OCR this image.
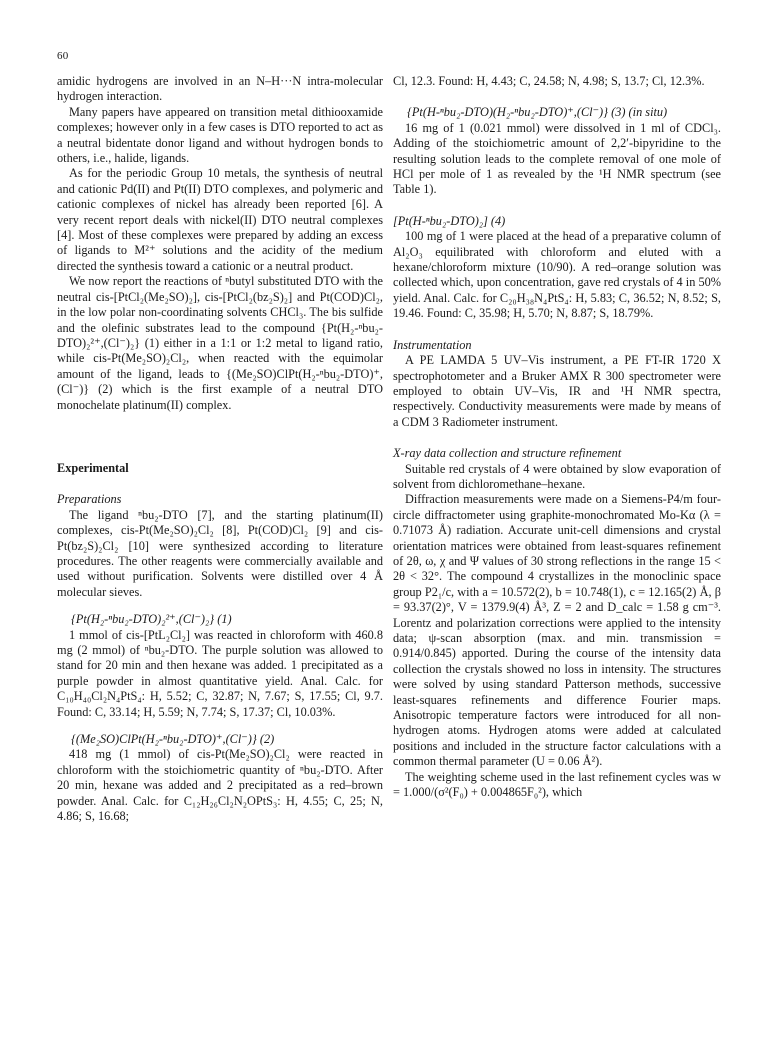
60

amidic hydrogens are involved in an N–H···N intra-molecular hydrogen interaction.

Many papers have appeared on transition metal dithiooxamide complexes; however only in a few cases is DTO reported to act as a neutral bidentate donor ligand and without hydrogen bonds to others, i.e., halide, ligands.

As for the periodic Group 10 metals, the synthesis of neutral and cationic Pd(II) and Pt(II) DTO complexes, and polymeric and cationic complexes of nickel has already been reported [6]. A very recent report deals with nickel(II) DTO neutral complexes [4]. Most of these complexes were prepared by adding an excess of ligands to M²⁺ solutions and the acidity of the medium directed the synthesis toward a cationic or a neutral product.

We now report the reactions of ⁿbutyl substituted DTO with the neutral cis-[PtCl₂(Me₂SO)₂], cis-[PtCl₂(bz₂S)₂] and Pt(COD)Cl₂, in the low polar non-coordinating solvents CHCl₃. The bis sulfide and the olefinic substrates lead to the compound {Pt(H₂-ⁿbu₂-DTO)₂²⁺,(Cl⁻)₂} (1) either in a 1:1 or 1:2 metal to ligand ratio, while cis-Pt(Me₂SO)₂Cl₂, when reacted with the equimolar amount of the ligand, leads to {(Me₂SO)ClPt(H₂-ⁿbu₂-DTO)⁺,(Cl⁻)} (2) which is the first example of a neutral DTO monochelate platinum(II) complex.

Experimental
Preparations

The ligand ⁿbu₂-DTO [7], and the starting platinum(II) complexes, cis-Pt(Me₂SO)₂Cl₂ [8], Pt(COD)Cl₂ [9] and cis-Pt(bz₂S)₂Cl₂ [10] were synthesized according to literature procedures. The other reagents were commercially available and used without purification. Solvents were distilled over 4 Å molecular sieves.

{Pt(H₂-ⁿbu₂-DTO)₂²⁺,(Cl⁻)₂} (1)

1 mmol of cis-[PtL₂Cl₂] was reacted in chloroform with 460.8 mg (2 mmol) of ⁿbu₂-DTO. The purple solution was allowed to stand for 20 min and then hexane was added. 1 precipitated as a purple powder in almost quantitative yield. Anal. Calc. for C₁₀H₄₀Cl₂N₄PtS₄: H, 5.52; C, 32.87; N, 7.67; S, 17.55; Cl, 9.7. Found: C, 33.14; H, 5.59; N, 7.74; S, 17.37; Cl, 10.03%.

{(Me₂SO)ClPt(H₂-ⁿbu₂-DTO)⁺,(Cl⁻)} (2)

418 mg (1 mmol) of cis-Pt(Me₂SO)₂Cl₂ were reacted in chloroform with the stoichiometric quantity of ⁿbu₂-DTO. After 20 min, hexane was added and 2 precipitated as a red–brown powder. Anal. Calc. for C₁₂H₂₆Cl₂N₂OPtS₃: H, 4.55; C, 25; N, 4.86; S, 16.68;

Cl, 12.3. Found: H, 4.43; C, 24.58; N, 4.98; S, 13.7; Cl, 12.3%.

{Pt(H-ⁿbu₂-DTO)(H₂-ⁿbu₂-DTO)⁺,(Cl⁻)} (3) (in situ)

16 mg of 1 (0.021 mmol) were dissolved in 1 ml of CDCl₃. Adding of the stoichiometric amount of 2,2′-bipyridine to the resulting solution leads to the complete removal of one mole of HCl per mole of 1 as revealed by the ¹H NMR spectrum (see Table 1).

[Pt(H-ⁿbu₂-DTO)₂] (4)

100 mg of 1 were placed at the head of a preparative column of Al₂O₃ equilibrated with chloroform and eluted with a hexane/chloroform mixture (10/90). A red–orange solution was collected which, upon concentration, gave red crystals of 4 in 50% yield. Anal. Calc. for C₂₀H₃₈N₄PtS₄: H, 5.83; C, 36.52; N, 8.52; S, 19.46. Found: C, 35.98; H, 5.70; N, 8.87; S, 18.79%.

Instrumentation

A PE LAMDA 5 UV–Vis instrument, a PE FT-IR 1720 X spectrophotometer and a Bruker AMX R 300 spectrometer were employed to obtain UV–Vis, IR and ¹H NMR spectra, respectively. Conductivity measurements were made by means of a CDM 3 Radiometer instrument.

X-ray data collection and structure refinement

Suitable red crystals of 4 were obtained by slow evaporation of solvent from dichloromethane–hexane.

Diffraction measurements were made on a Siemens-P4/m four-circle diffractometer using graphite-monochromated Mo-Kα (λ = 0.71073 Å) radiation. Accurate unit-cell dimensions and crystal orientation matrices were obtained from least-squares refinement of 2θ, ω, χ and Ψ values of 30 strong reflections in the range 15 < 2θ < 32°. The compound 4 crystallizes in the monoclinic space group P2₁/c, with a = 10.572(2), b = 10.748(1), c = 12.165(2) Å, β = 93.37(2)°, V = 1379.9(4) Å³, Z = 2 and D_calc = 1.58 g cm⁻³. Lorentz and polarization corrections were applied to the intensity data; ψ-scan absorption (max. and min. transmission = 0.914/0.845) apported. During the course of the intensity data collection the crystals showed no loss in intensity. The structures were solved by using standard Patterson methods, successive least-squares refinements and difference Fourier maps. Anisotropic temperature factors were introduced for all non-hydrogen atoms. Hydrogen atoms were added at calculated positions and included in the structure factor calculations with a common thermal parameter (U = 0.06 Å²).

The weighting scheme used in the last refinement cycles was w = 1.000/(σ²(F₀) + 0.004865F₀²), which
